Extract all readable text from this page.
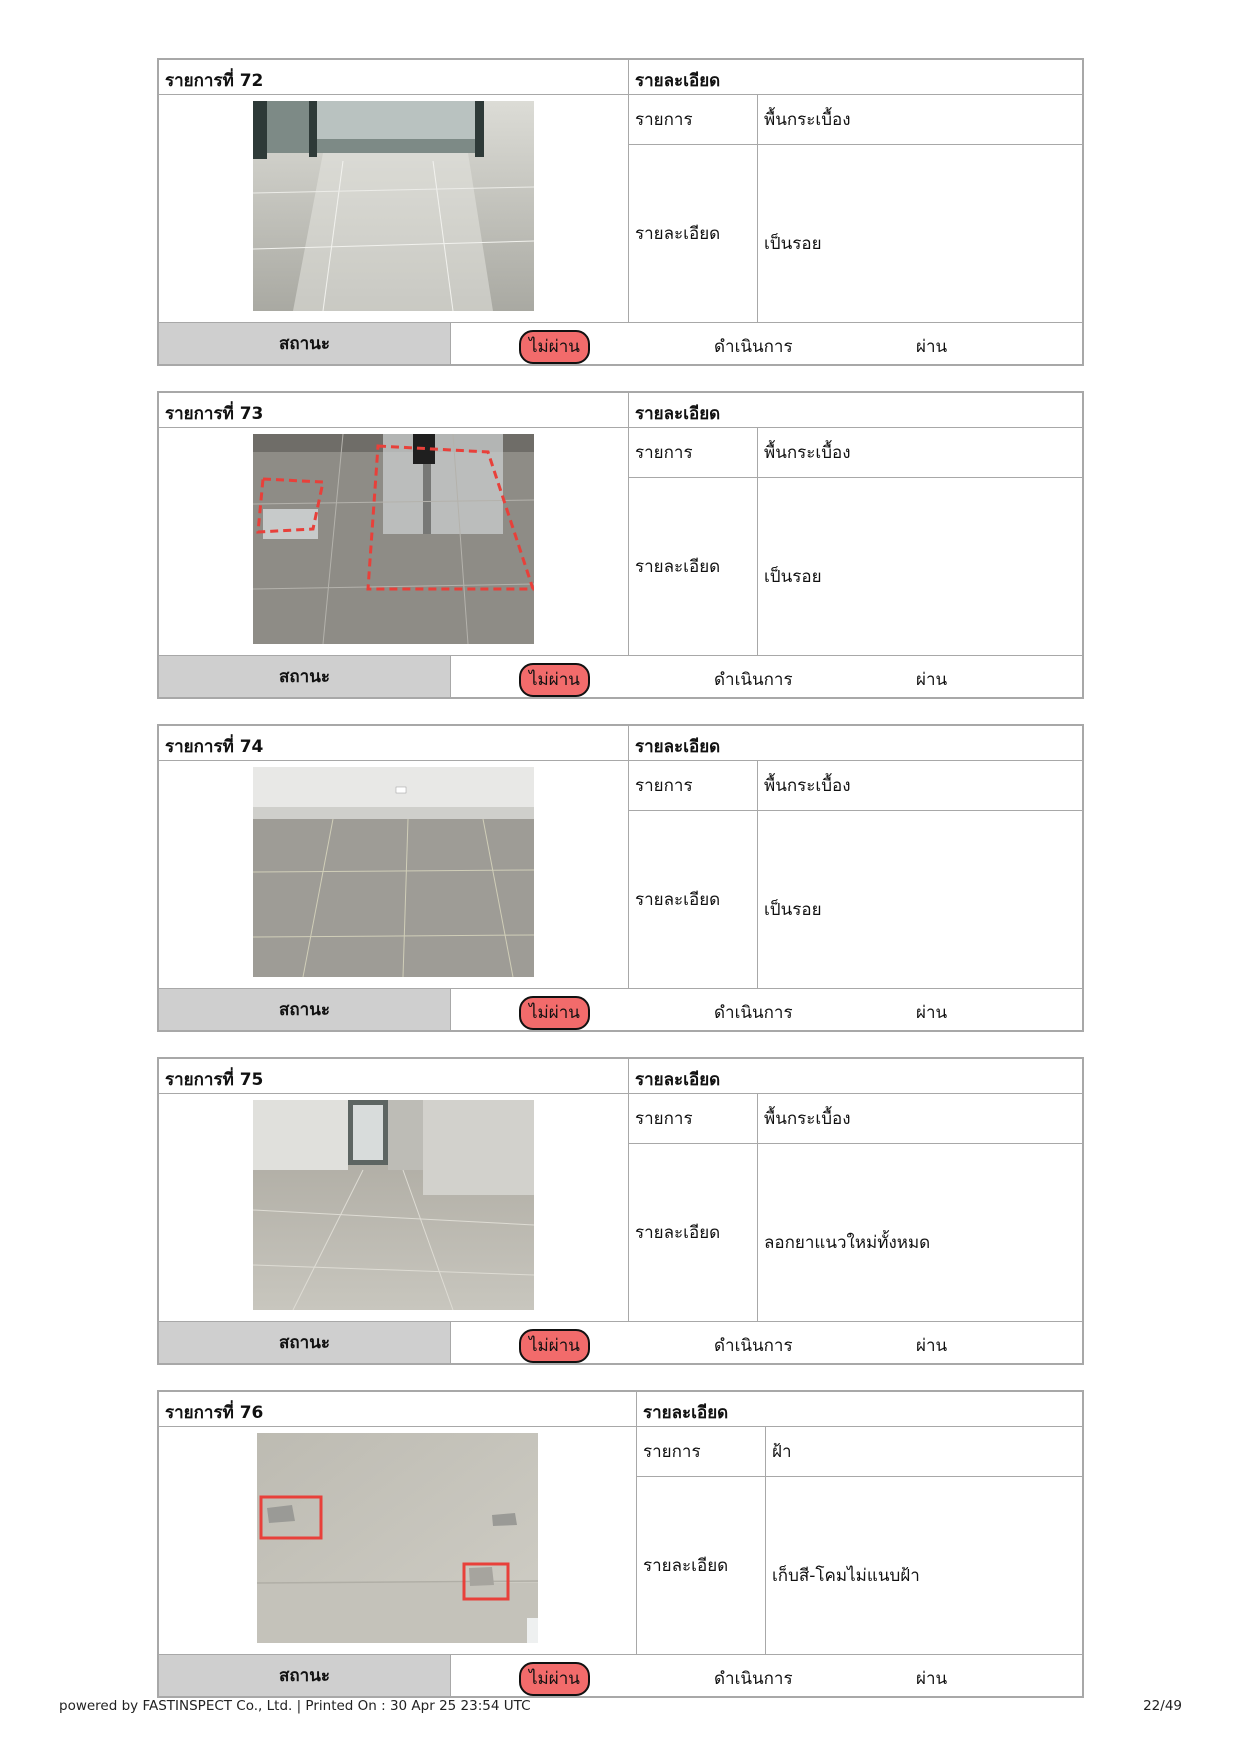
รายการที่ 72	รายละเอียด
รายการ	พื้นกระเบื้อง
รายละเอียด	เป็นรอย
สถานะ	ไม่ผ่าน	ดำเนินการ	ผ่าน
รายการที่ 73	รายละเอียด
รายการ	พื้นกระเบื้อง
รายละเอียด	เป็นรอย
สถานะ	ไม่ผ่าน	ดำเนินการ	ผ่าน
รายการที่ 74	รายละเอียด
รายการ	พื้นกระเบื้อง
รายละเอียด	เป็นรอย
สถานะ	ไม่ผ่าน	ดำเนินการ	ผ่าน
รายการที่ 75	รายละเอียด
รายการ	พื้นกระเบื้อง
รายละเอียด	ลอกยาแนวใหม่ทั้งหมด
สถานะ	ไม่ผ่าน	ดำเนินการ	ผ่าน
รายการที่ 76	รายละเอียด
รายการ	ฝ้า
รายละเอียด	เก็บสี-โคมไม่แนบฝ้า
สถานะ	ไม่ผ่าน	ดำเนินการ	ผ่าน
powered by FASTINSPECT Co., Ltd. | Printed On : 30 Apr 25 23:54 UTC	22/49
